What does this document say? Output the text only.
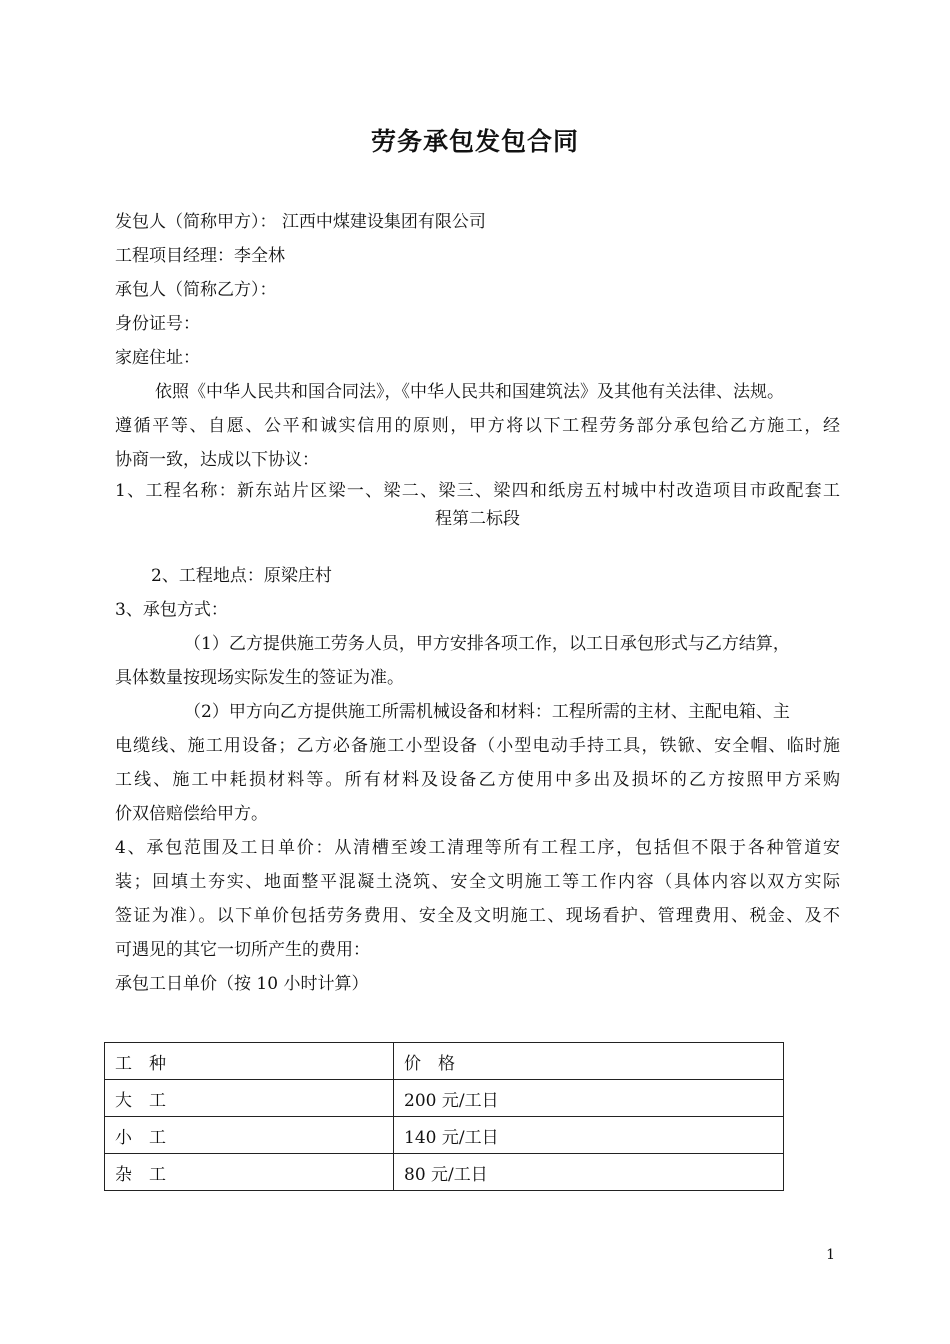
劳务承包发包合同
发包人（简称甲方）： 江西中煤建设集团有限公司
工程项目经理：李全林
承包人（简称乙方）：
身份证号：
家庭住址：
依照《中华人民共和国合同法》，《中华人民共和国建筑法》及其他有关法律、法规。
遵循平等、自愿、公平和诚实信用的原则，甲方将以下工程劳务部分承包给乙方施工，经
协商一致，达成以下协议：
1、工程名称：新东站片区梁一、梁二、梁三、梁四和纸房五村城中村改造项目市政配套工
程第二标段
2、工程地点：原梁庄村
3、承包方式：
（1）乙方提供施工劳务人员，甲方安排各项工作，以工日承包形式与乙方结算，
具体数量按现场实际发生的签证为准。
（2）甲方向乙方提供施工所需机械设备和材料：工程所需的主材、主配电箱、主
电缆线、施工用设备；乙方必备施工小型设备（小型电动手持工具，铁锨、安全帽、临时施
工线、施工中耗损材料等。所有材料及设备乙方使用中多出及损坏的乙方按照甲方采购
价双倍赔偿给甲方。
4、承包范围及工日单价：从清槽至竣工清理等所有工程工序，包括但不限于各种管道安
装；回填土夯实、地面整平混凝土浇筑、安全文明施工等工作内容（具体内容以双方实际
签证为准）。以下单价包括劳务费用、安全及文明施工、现场看护、管理费用、税金、及不
可遇见的其它一切所产生的费用：
承包工日单价（按 10 小时计算）
工　种	价　格
大　工	200 元/工日
小　工	140 元/工日
杂　工	80 元/工日
1
